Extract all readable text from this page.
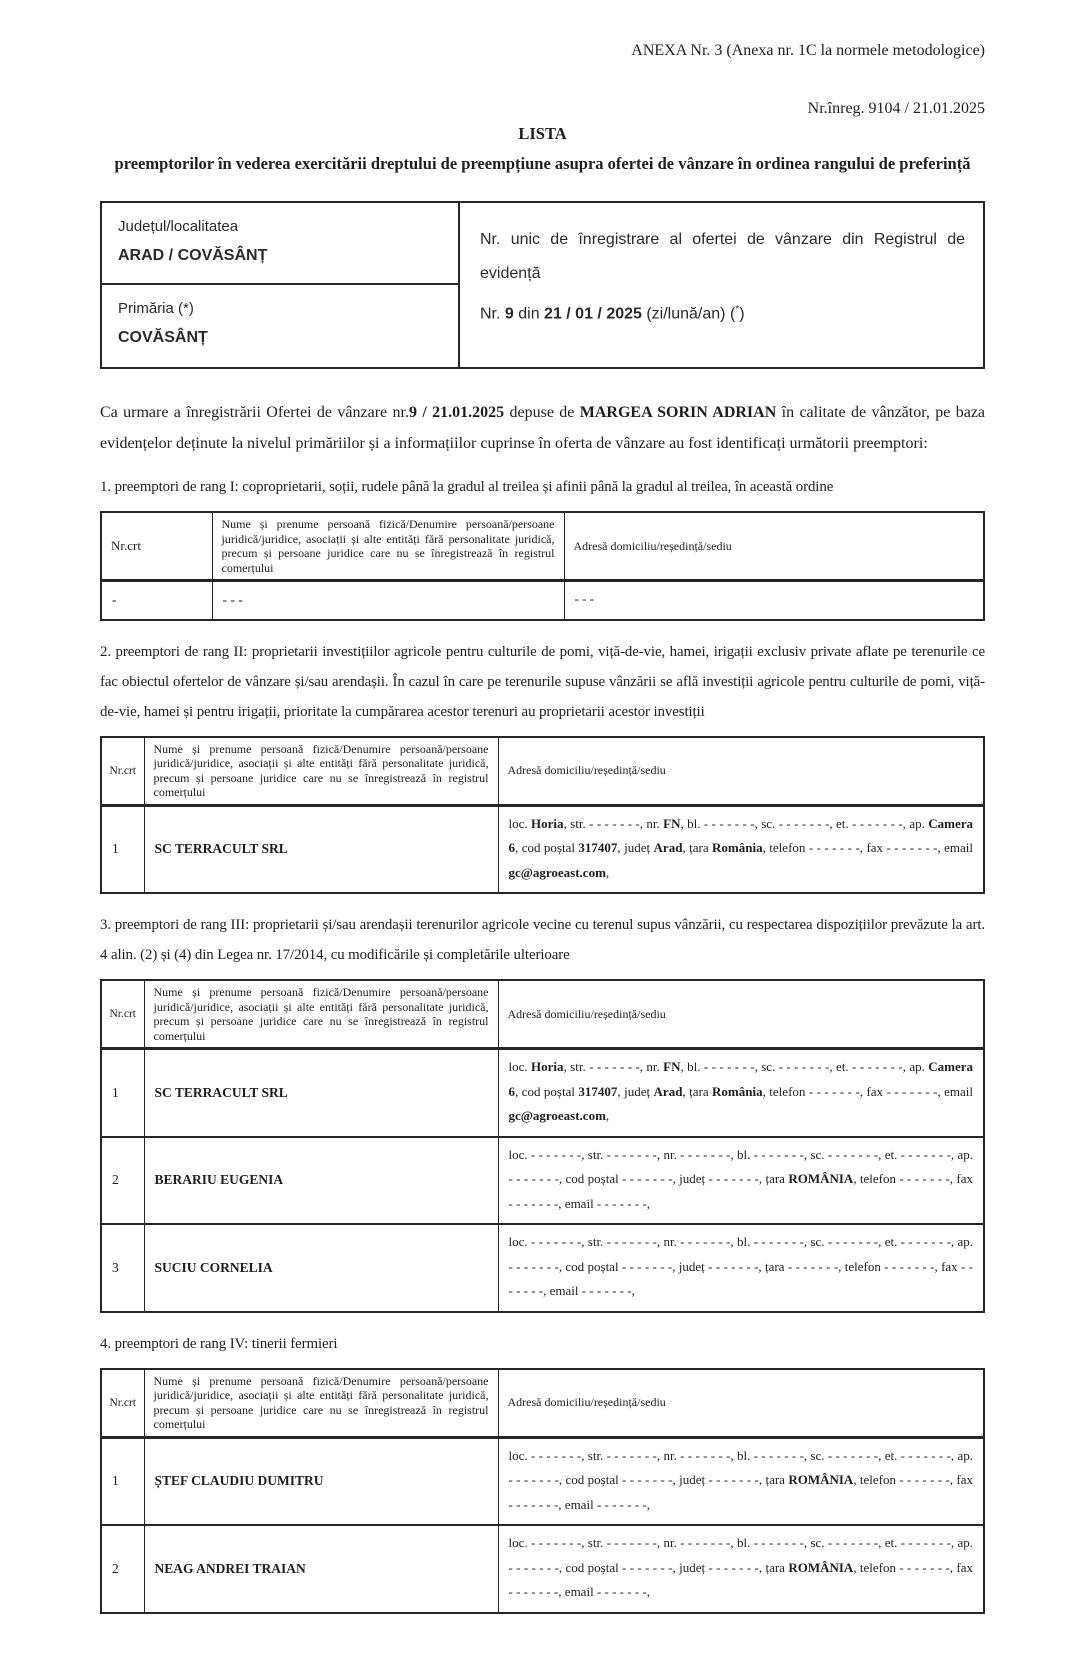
ANEXA Nr. 3 (Anexa nr. 1C la normele metodologice)
Nr.înreg. 9104 / 21.01.2025
LISTA
preemptorilor în vederea exercitării dreptului de preempțiune asupra ofertei de vânzare în ordinea rangului de preferință
Județul/localitatea
ARAD / COVĂSÂNȚ
Primăria (*)
COVĂSÂNȚ

Nr. unic de înregistrare al ofertei de vânzare din Registrul de evidență

Nr. 9 din 21 / 01 / 2025 (zi/lună/an) (*)

Ca urmare a înregistrării Ofertei de vânzare nr.9 / 21.01.2025 depuse de MARGEA SORIN ADRIAN în calitate de vânzător, pe baza evidențelor deținute la nivelul primăriilor și a informațiilor cuprinse în oferta de vânzare au fost identificați următorii preemptori:

1. preemptori de rang I: coproprietarii, soții, rudele până la gradul al treilea și afinii până la gradul al treilea, în această ordine
Nr.crt	Nume și prenume persoană fizică/Denumire persoană/persoane juridică/juridice, asociații și alte entități fără personalitate juridică, precum și persoane juridice care nu se înregistrează în registrul comerțului	Adresă domiciliu/reședință/sediu
-	- - -	- - -
2. preemptori de rang II: proprietarii investițiilor agricole pentru culturile de pomi, viță-de-vie, hamei, irigații exclusiv private aflate pe terenurile ce fac obiectul ofertelor de vânzare și/sau arendașii. În cazul în care pe terenurile supuse vânzării se află investiții agricole pentru culturile de pomi, viță-de-vie, hamei și pentru irigații, prioritate la cumpărarea acestor terenuri au proprietarii acestor investiții
Nr.crt	Nume și prenume persoană fizică/Denumire persoană/persoane juridică/juridice, asociații și alte entități fără personalitate juridică, precum și persoane juridice care nu se înregistrează în registrul comerțului	Adresă domiciliu/reședință/sediu
1	SC TERRACULT SRL	loc. Horia, str. - - - - - - -, nr. FN, bl. - - - - - - -, sc. - - - - - - -, et. - - - - - - -, ap. Camera 6, cod poștal 317407, județ Arad, țara România, telefon - - - - - - -, fax - - - - - - -, email gc@agroeast.com,
3. preemptori de rang III: proprietarii și/sau arendașii terenurilor agricole vecine cu terenul supus vânzării, cu respectarea dispozițiilor prevăzute la art. 4 alin. (2) și (4) din Legea nr. 17/2014, cu modificările și completările ulterioare
Nr.crt	Nume și prenume persoană fizică/Denumire persoană/persoane juridică/juridice, asociații și alte entități fără personalitate juridică, precum și persoane juridice care nu se înregistrează în registrul comerțului	Adresă domiciliu/reședință/sediu
1	SC TERRACULT SRL	loc. Horia, str. - - - - - - -, nr. FN, bl. - - - - - - -, sc. - - - - - - -, et. - - - - - - -, ap. Camera 6, cod poștal 317407, județ Arad, țara România, telefon - - - - - - -, fax - - - - - - -, email gc@agroeast.com,
2	BERARIU EUGENIA	loc. - - - - - - -, str. - - - - - - -, nr. - - - - - - -, bl. - - - - - - -, sc. - - - - - - -, et. - - - - - - -, ap. - - - - - - -, cod poștal - - - - - - -, județ - - - - - - -, țara ROMÂNIA, telefon - - - - - - -, fax - - - - - - -, email - - - - - - -,
3	SUCIU CORNELIA	loc. - - - - - - -, str. - - - - - - -, nr. - - - - - - -, bl. - - - - - - -, sc. - - - - - - -, et. - - - - - - -, ap. - - - - - - -, cod poștal - - - - - - -, județ - - - - - - -, țara - - - - - - -, telefon - - - - - - -, fax - - - - - - -, email - - - - - - -,
4. preemptori de rang IV: tinerii fermieri
Nr.crt	Nume și prenume persoană fizică/Denumire persoană/persoane juridică/juridice, asociații și alte entități fără personalitate juridică, precum și persoane juridice care nu se înregistrează în registrul comerțului	Adresă domiciliu/reședință/sediu
1	ȘTEF CLAUDIU DUMITRU	loc. - - - - - - -, str. - - - - - - -, nr. - - - - - - -, bl. - - - - - - -, sc. - - - - - - -, et. - - - - - - -, ap. - - - - - - -, cod poștal - - - - - - -, județ - - - - - - -, țara ROMÂNIA, telefon - - - - - - -, fax - - - - - - -, email - - - - - - -,
2	NEAG ANDREI TRAIAN	loc. - - - - - - -, str. - - - - - - -, nr. - - - - - - -, bl. - - - - - - -, sc. - - - - - - -, et. - - - - - - -, ap. - - - - - - -, cod poștal - - - - - - -, județ - - - - - - -, țara ROMÂNIA, telefon - - - - - - -, fax - - - - - - -, email - - - - - - -,
